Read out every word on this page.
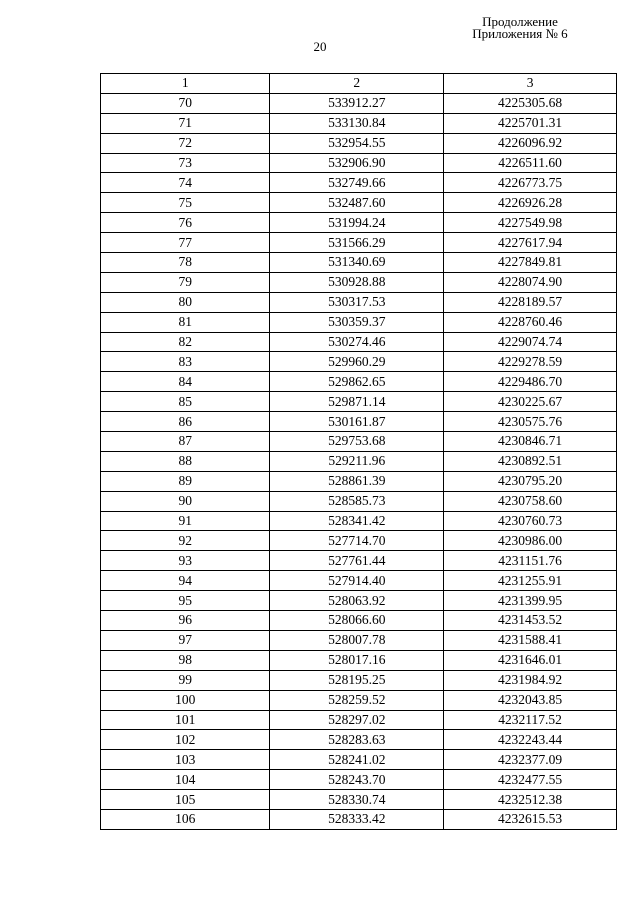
Продолжение
Приложения № 6
20
1	2	3
70	533912.27	4225305.68
71	533130.84	4225701.31
72	532954.55	4226096.92
73	532906.90	4226511.60
74	532749.66	4226773.75
75	532487.60	4226926.28
76	531994.24	4227549.98
77	531566.29	4227617.94
78	531340.69	4227849.81
79	530928.88	4228074.90
80	530317.53	4228189.57
81	530359.37	4228760.46
82	530274.46	4229074.74
83	529960.29	4229278.59
84	529862.65	4229486.70
85	529871.14	4230225.67
86	530161.87	4230575.76
87	529753.68	4230846.71
88	529211.96	4230892.51
89	528861.39	4230795.20
90	528585.73	4230758.60
91	528341.42	4230760.73
92	527714.70	4230986.00
93	527761.44	4231151.76
94	527914.40	4231255.91
95	528063.92	4231399.95
96	528066.60	4231453.52
97	528007.78	4231588.41
98	528017.16	4231646.01
99	528195.25	4231984.92
100	528259.52	4232043.85
101	528297.02	4232117.52
102	528283.63	4232243.44
103	528241.02	4232377.09
104	528243.70	4232477.55
105	528330.74	4232512.38
106	528333.42	4232615.53
